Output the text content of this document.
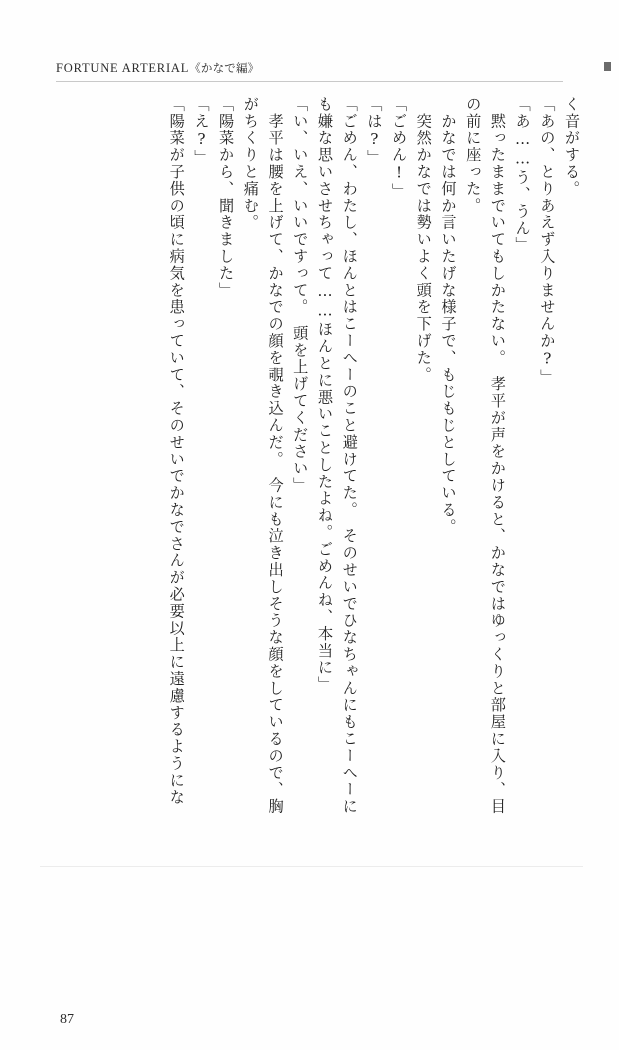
FORTUNE ARTERIAL《かなで編》
く音がする。
「あの、とりあえず入りませんか?」
「あ……う、うん」
　黙ったままでいてもしかたない。　孝平が声をかけると、かなではゆっくりと部屋に入り、目
の前に座った。
　かなでは何か言いたげな様子で、もじもじとしている。
　突然かなでは勢いよく頭を下げた。
「ごめん!」
「は?」
「ごめん、わたし、ほんとはこーへーのこと避けてた。　そのせいでひなちゃんにもこーへーに
も嫌な思いさせちゃって……ほんとに悪いことしたよね。ごめんね、本当に」
「い、いえ、いいですって。　頭を上げてください」
　孝平は腰を上げて、かなでの顔を覗き込んだ。　今にも泣き出しそうな顔をしているので、胸
がちくりと痛む。
「陽菜から、聞きました」
「え?」
「陽菜が子供の頃に病気を患っていて、そのせいでかなでさんが必要以上に遠慮するようにな
87
